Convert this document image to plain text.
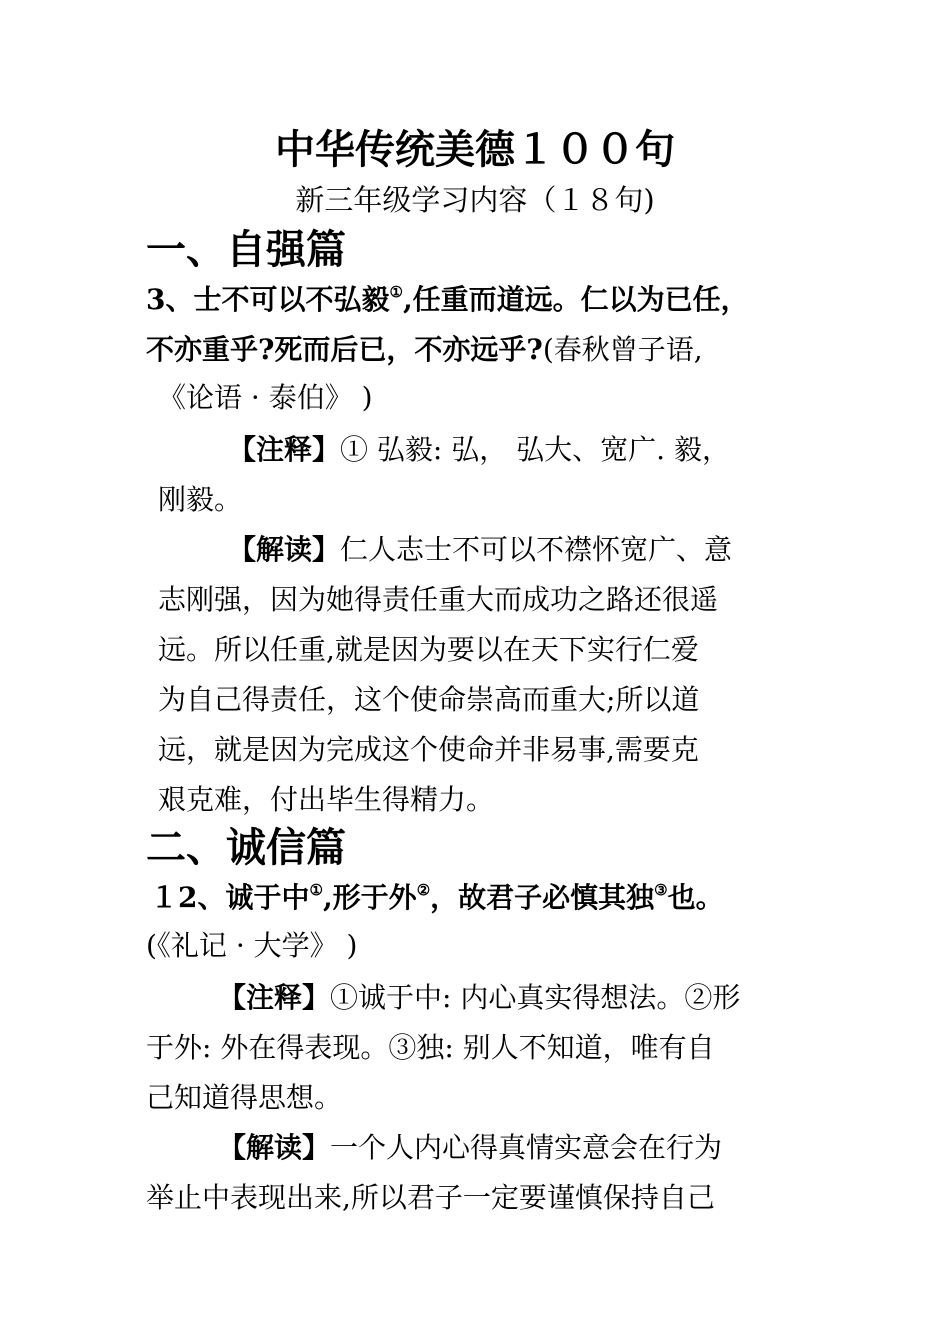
中华传统美德１００句
新三年级学习内容（１８句)
一、自强篇
3、士不可以不弘毅①,任重而道远。仁以为已任，
不亦重乎?死而后已，不亦远乎?(春秋曾子语,
《论语 · 泰伯》 )
【注释】① 弘毅: 弘， 弘大、宽广. 毅，
刚毅。
【解读】仁人志士不可以不襟怀宽广、意
志刚强，因为她得责任重大而成功之路还很遥
远。所以任重,就是因为要以在天下实行仁爱
为自己得责任，这个使命崇高而重大;所以道
远，就是因为完成这个使命并非易事,需要克
艰克难，付出毕生得精力。
二、诚信篇
１2、诚于中①,形于外②，故君子必慎其独③也。
(《礼记 · 大学》 )
【注释】①诚于中: 内心真实得想法。②形
于外: 外在得表现。③独: 别人不知道，唯有自
己知道得思想。
【解读】一个人内心得真情实意会在行为
举止中表现出来,所以君子一定要谨慎保持自己
